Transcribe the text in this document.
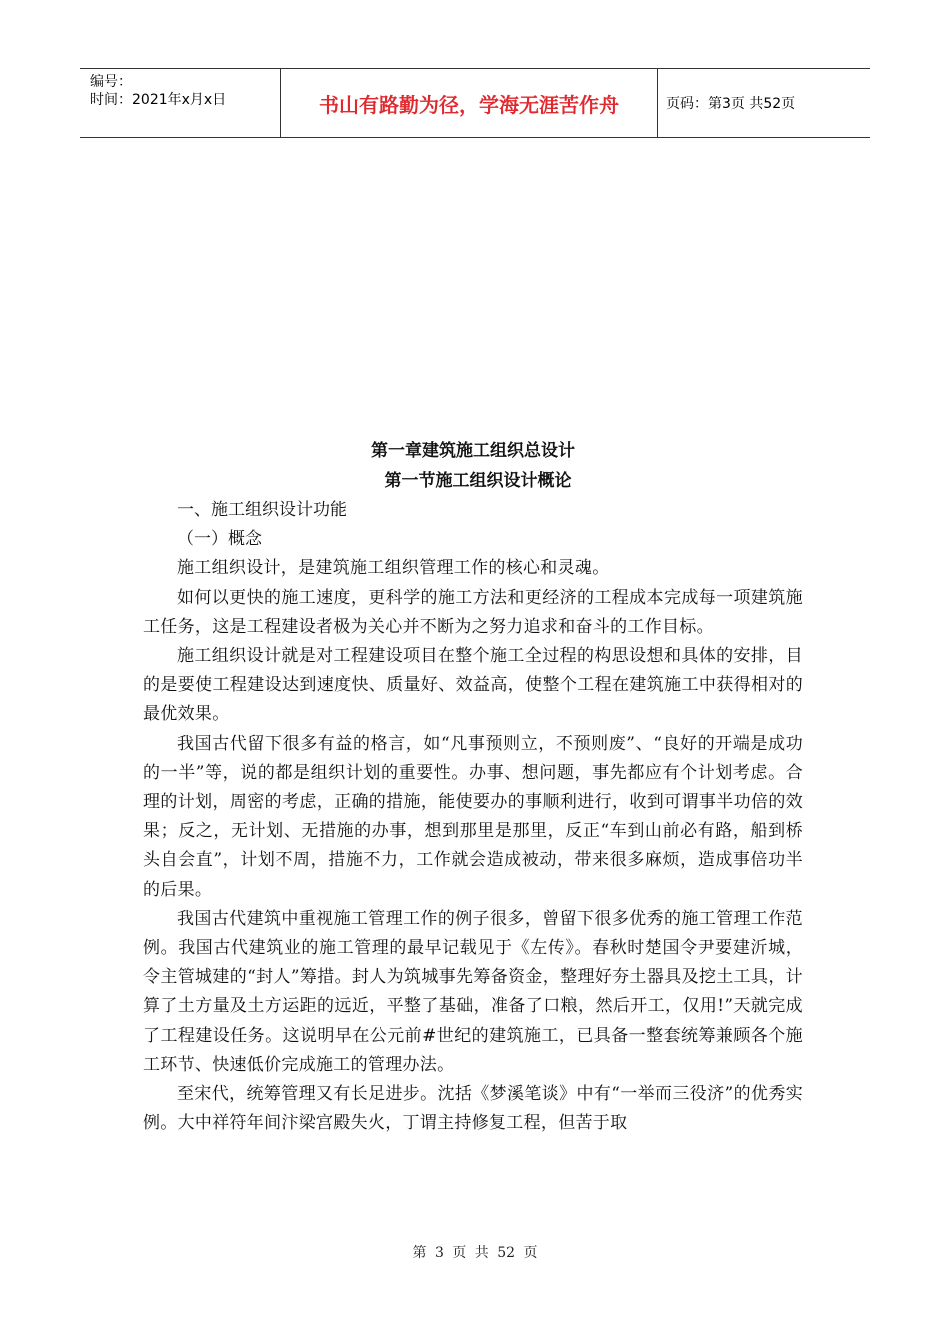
编号：
时间：2021年x月x日	书山有路勤为径，学海无涯苦作舟	页码：第3页 共52页

第一章建筑施工组织总设计

第一节施工组织设计概论

一、施工组织设计功能

（一）概念

施工组织设计，是建筑施工组织管理工作的核心和灵魂。

如何以更快的施工速度，更科学的施工方法和更经济的工程成本完成每一项建筑施工任务，这是工程建设者极为关心并不断为之努力追求和奋斗的工作目标。

施工组织设计就是对工程建设项目在整个施工全过程的构思设想和具体的安排，目的是要使工程建设达到速度快、质量好、效益高，使整个工程在建筑施工中获得相对的最优效果。

我国古代留下很多有益的格言，如“凡事预则立，不预则废”、“良好的开端是成功的一半”等，说的都是组织计划的重要性。办事、想问题，事先都应有个计划考虑。合理的计划，周密的考虑，正确的措施，能使要办的事顺利进行，收到可谓事半功倍的效果；反之，无计划、无措施的办事，想到那里是那里，反正“车到山前必有路，船到桥头自会直”，计划不周，措施不力，工作就会造成被动，带来很多麻烦，造成事倍功半的后果。

我国古代建筑中重视施工管理工作的例子很多，曾留下很多优秀的施工管理工作范例。我国古代建筑业的施工管理的最早记载见于《左传》。春秋时楚国令尹要建沂城，令主管城建的“封人”筹措。封人为筑城事先筹备资金，整理好夯土器具及挖土工具，计算了土方量及土方运距的远近，平整了基础，准备了口粮，然后开工，仅用!”天就完成了工程建设任务。这说明早在公元前#世纪的建筑施工，已具备一整套统筹兼顾各个施工环节、快速低价完成施工的管理办法。

至宋代，统筹管理又有长足进步。沈括《梦溪笔谈》中有“一举而三役济”的优秀实例。大中祥符年间汴梁宫殿失火，丁谓主持修复工程，但苦于取

第 3 页 共 52 页
